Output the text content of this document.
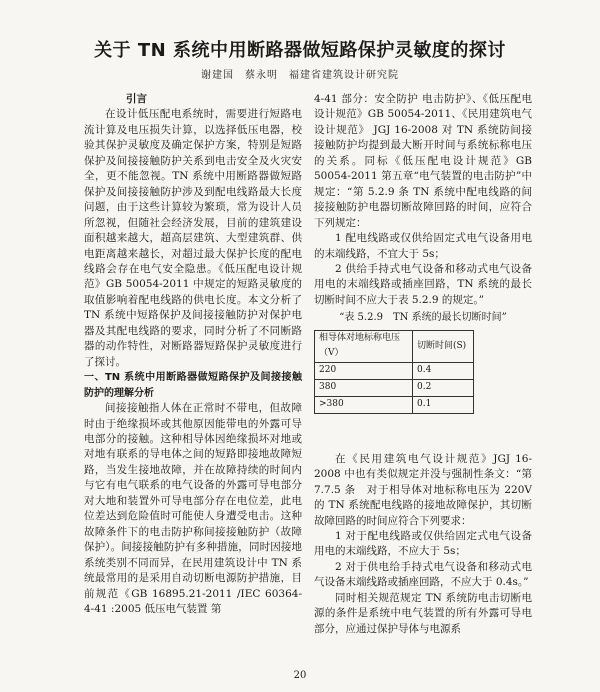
关于 TN 系统中用断路器做短路保护灵敏度的探讨
谢建国　蔡永明　福建省建筑设计研究院

引言

在设计低压配电系统时，需要进行短路电流计算及电压损失计算，以选择低压电器，校验其保护灵敏度及确定保护方案，特别是短路保护及间接接触防护关系到电击安全及火灾安全，更不能忽视。TN 系统中用断路器做短路保护及间接接触防护涉及到配电线路最大长度问题，由于这些计算较为繁琐，常为设计人员所忽视，但随社会经济发展，目前的建筑建设面积越来越大，超高层建筑、大型建筑群、供电距离越来越长，对超过最大保护长度的配电线路会存在电气安全隐患。《低压配电设计规范》GB 50054-2011 中规定的短路灵敏度的取值影响着配电线路的供电长度。本文分析了 TN 系统中短路保护及间接接触防护对保护电器及其配电线路的要求，同时分析了不同断路器的动作特性，对断路器短路保护灵敏度进行了探讨。

一、TN 系统中用断路器做短路保护及间接接触防护的理解分析

间接接触指人体在正常时不带电，但故障时由于绝缘损坏或其他原因能带电的外露可导电部分的接触。这种相导体因绝缘损坏对地或对地有联系的导电体之间的短路即接地故障短路，当发生接地故障，并在故障持续的时间内与它有电气联系的电气设备的外露可导电部分对大地和装置外可导电部分存在电位差，此电位差达到危险值时可能使人身遭受电击。这种故障条件下的电击防护称间接接触防护（故障保护）。间接接触防护有多种措施，同时因接地系统类别不同而异，在民用建筑设计中 TN 系统最常用的是采用自动切断电源防护措施，目前规范《GB 16895.21-2011 /IEC 60364-4-41 :2005 低压电气装置 第

4-41 部分：安全防护 电击防护》、《低压配电设计规范》GB 50054-2011、《民用建筑电气设计规范》 JGJ 16-2008 对 TN 系统防间接接触防护均提到最大断开时间与系统标称电压的关系。同标《低压配电设计规范》GB 50054-2011 第五章“电气装置的电击防护”中规定：“第 5.2.9 条 TN 系统中配电线路的间接接触防护电器切断故障回路的时间，应符合下列规定：

1 配电线路或仅供给固定式电气设备用电的末端线路，不宜大于 5s；

2 供给手持式电气设备和移动式电气设备用电的末端线路或插座回路，TN 系统的最长切断时间不应大于表 5.2.9 的规定。”

“表 5.2.9　TN 系统的最长切断时间”
相导体对地标称电压（V）	切断时间(S)
220	0.4
380	0.2
>380	0.1

在《民用建筑电气设计规范》JGJ 16-2008 中也有类似规定并没与强制性条文：“第 7.7.5 条　对于相导体对地标称电压为 220V 的 TN 系统配电线路的接地故障保护，其切断故障回路的时间应符合下列要求：

1 对于配电线路或仅供给固定式电气设备用电的末端线路，不应大于 5s；

2 对于供电给手持式电气设备和移动式电气设备末端线路或插座回路，不应大于 0.4s。”

同时相关规范规定 TN 系统防电击切断电源的条件是系统中电气装置的所有外露可导电部分，应通过保护导体与电源系

20
